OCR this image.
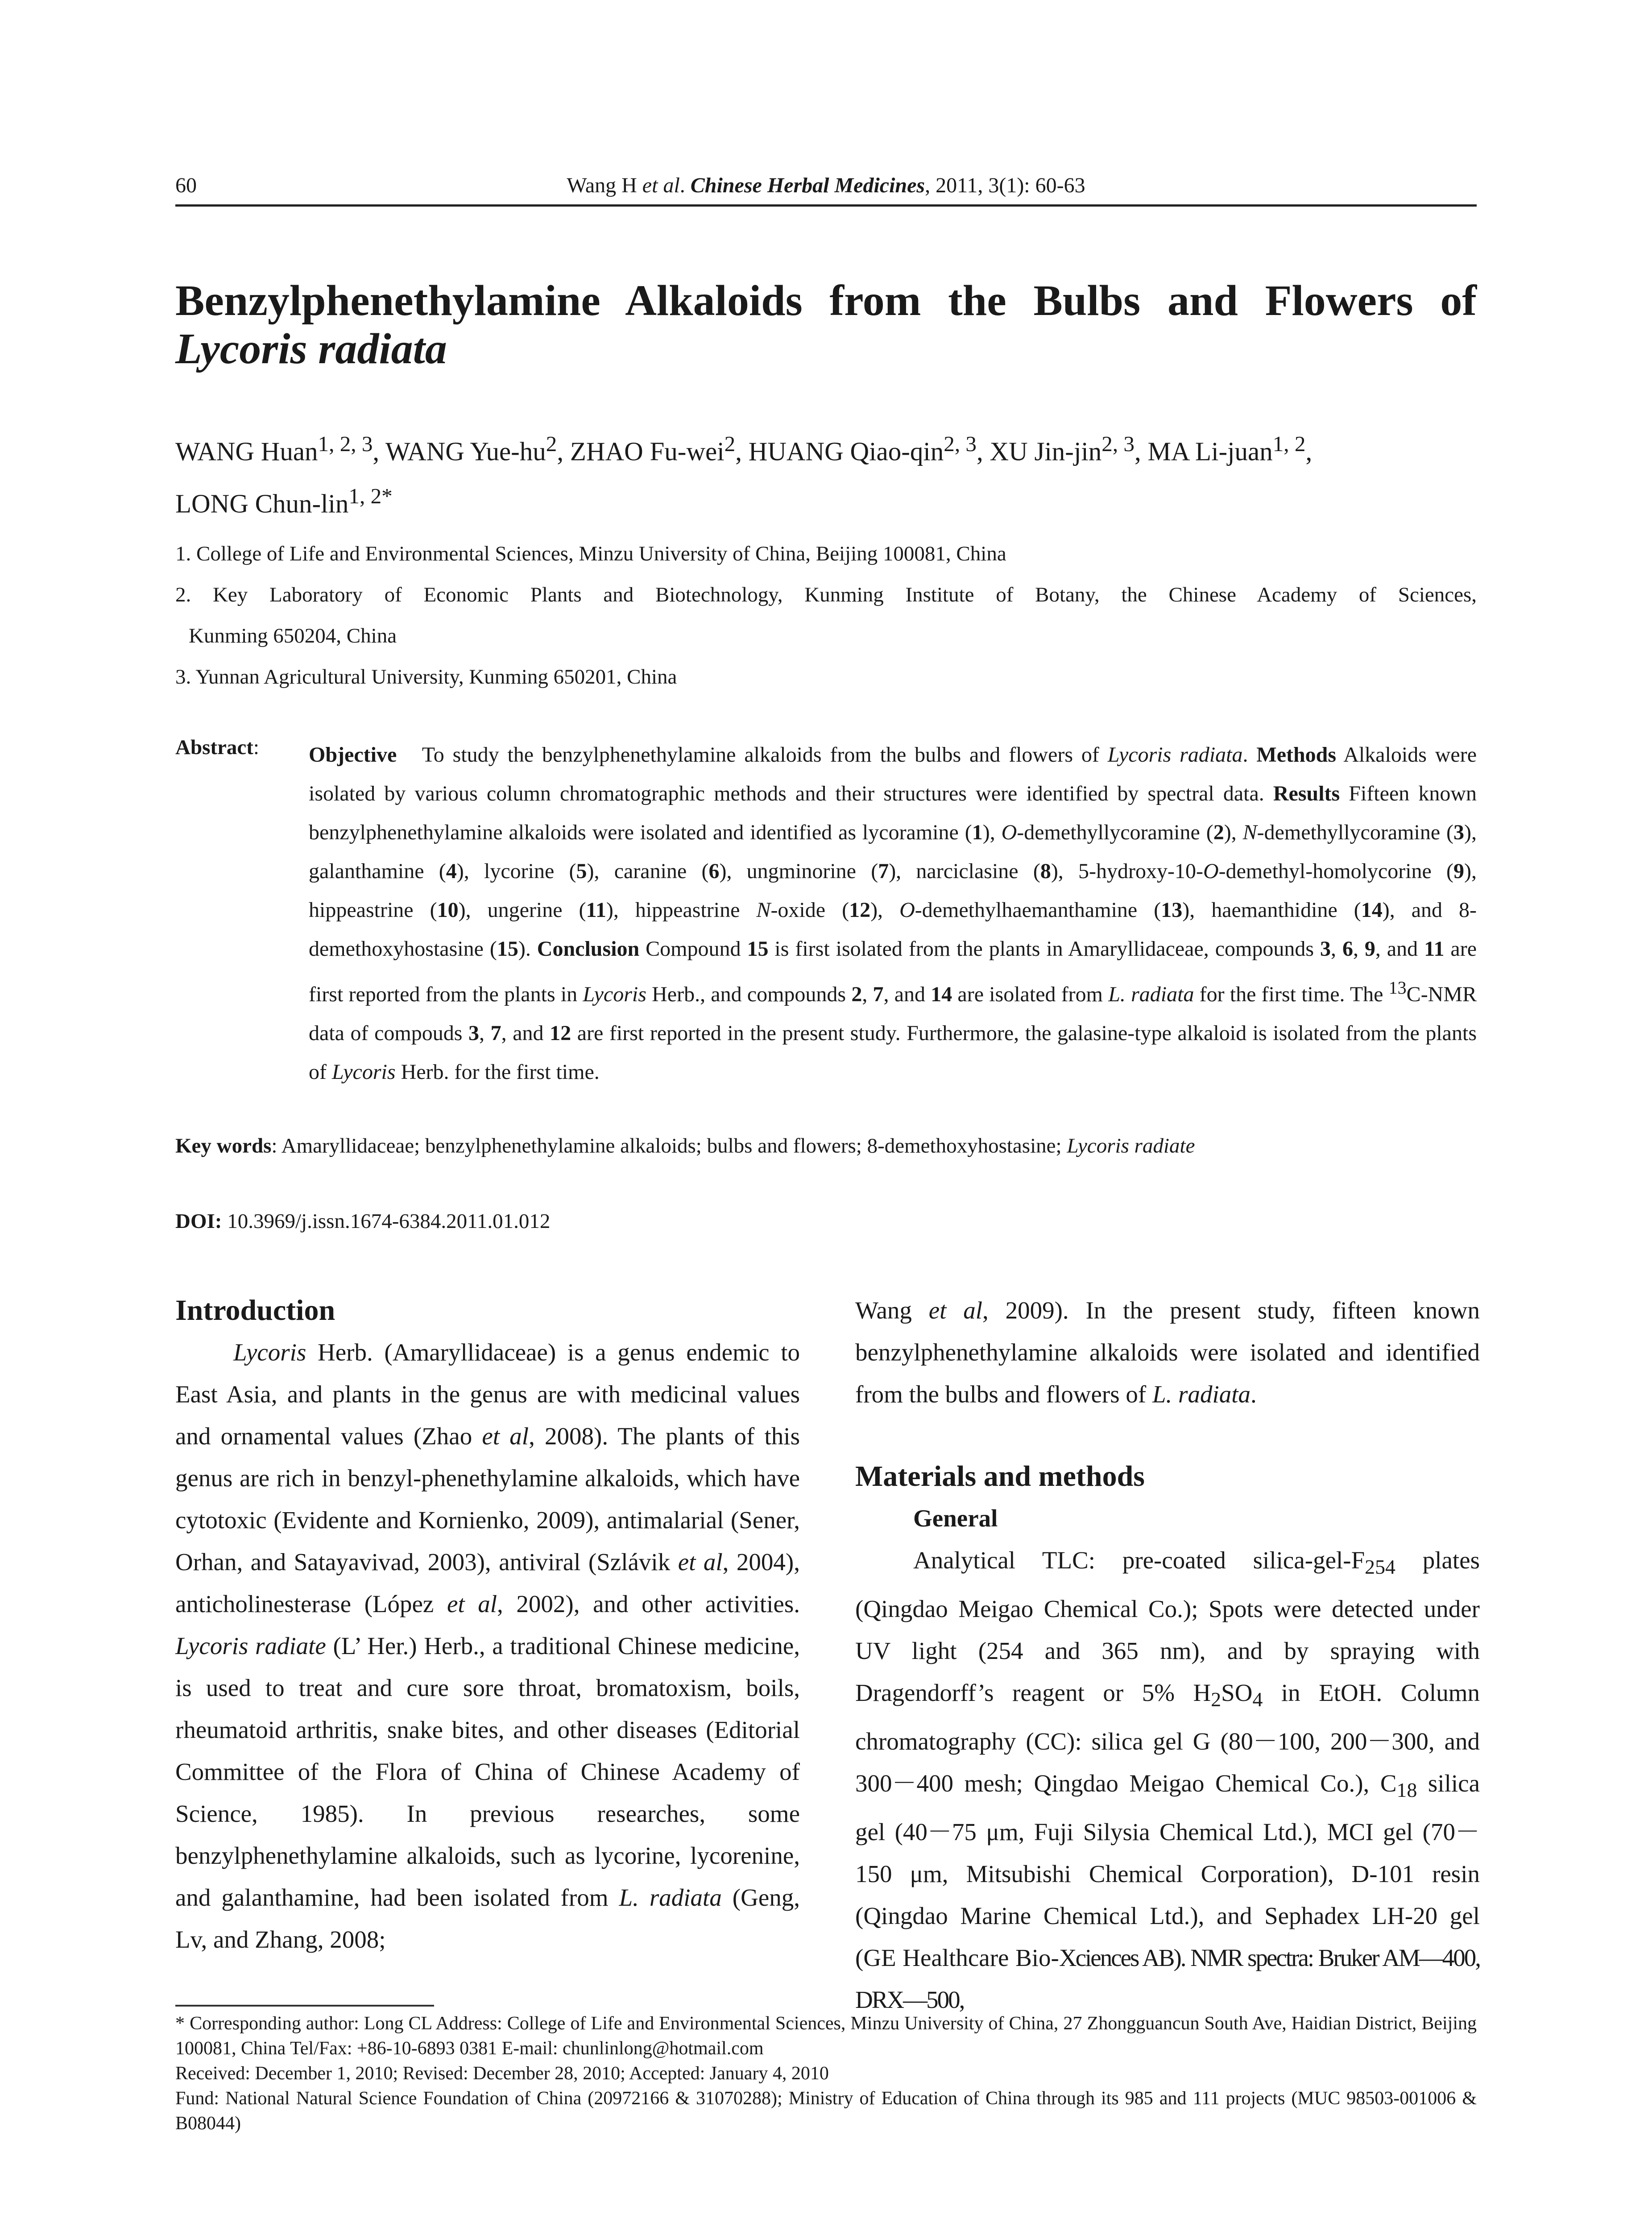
60	Wang H et al. Chinese Herbal Medicines, 2011, 3(1): 60-63
Benzylphenethylamine Alkaloids from the Bulbs and Flowers of Lycoris radiata
WANG Huan$^{1, 2, 3}$, WANG Yue-$hu^2$, ZHAO Fu-wei$^2$, HUANG Qiao-qin$^{2, 3}$, XU Jin-jin$^{2, 3}$, MA Li-juan$^{1, 2}$,
LONG Chun-lin$^{1, 2*}$
1. College of Life and Environmental Sciences, Minzu University of China, Beijing 100081, China
2. Key Laboratory of Economic Plants and Biotechnology, Kunming Institute of Botany, the Chinese Academy of Sciences,
Kunming 650204, China
3. Yunnan Agricultural University, Kunming 650201, China
Abstract: Objective To study the benzylphenethylamine alkaloids from the bulbs and flowers of Lycoris radiata. Methods Alkaloids were isolated by various column chromatographic methods and their structures were identified by spectral data. Results Fifteen known benzylphenethylamine alkaloids were isolated and identified as lycoramine (1), O-demethyllycoramine (2), N-demethyllycoramine (3), galanthamine (4), lycorine (5), caranine (6), ungminorine (7), narciclasine (8), 5-hydroxy-10-O-demethyl-homolycorine (9), hippeastrine (10), ungerine (11), hippeastrine N-oxide (12), O-demethylhaemanthamine (13), haemanthidine (14), and 8-demethoxyhostasine (15). Conclusion Compound 15 is first isolated from the plants in Amaryllidaceae, compounds 3, 6, 9, and 11 are first reported from the plants in Lycoris Herb., and compounds 2, 7, and 14 are isolated from L. radiata for the first time. The $^{13}$C-NMR data of compouds 3, 7, and 12 are first reported in the present study. Furthermore, the galasine-type alkaloid is isolated from the plants of Lycoris Herb. for the first time.
Key words: Amaryllidaceae; benzylphenethylamine alkaloids; bulbs and flowers; 8-demethoxyhostasine; Lycoris radiate
DOI: 10.3969/j.issn.1674-6384.2011.01.012
Introduction
Lycoris Herb. (Amaryllidaceae) is a genus endemic to East Asia, and plants in the genus are with medicinal values and ornamental values (Zhao et al, 2008). The plants of this genus are rich in benzyl-phenethylamine alkaloids, which have cytotoxic (Evidente and Kornienko, 2009), antimalarial (Sener, Orhan, and Satayavivad, 2003), antiviral (Szlávik et al, 2004), anticholinesterase (López et al, 2002), and other activities. Lycoris radiate (L’ Her.) Herb., a traditional Chinese medicine, is used to treat and cure sore throat, bromatoxism, boils, rheumatoid arthritis, snake bites, and other diseases (Editorial Committee of the Flora of China of Chinese Academy of Science, 1985). In previous researches, some benzylphenethylamine alkaloids, such as lycorine, lycorenine, and galanthamine, had been isolated from L. radiata (Geng, Lv, and Zhang, 2008;
Wang et al, 2009). In the present study, fifteen known benzylphenethylamine alkaloids were isolated and identified from the bulbs and flowers of L. radiata.
Materials and methods
General
Analytical TLC: pre-coated silica-$gel-F_{254}$ plates (Qingdao Meigao Chemical Co.); Spots were detected under UV light (254 and 365 nm), and by spraying with Dragendorff’s reagent or 5% $H_2SO_4$ in EtOH. Column chromatography (CC): silica gel G (80－100, 200－300, and 300－400 mesh; Qingdao Meigao Chemical Co.), $C_{18}$ silica gel (40－75 μm, Fuji Silysia Chemical Ltd.), MCI gel (70－150 μm, Mitsubishi Chemical Corporation), D-101 resin (Qingdao Marine Chemical Ltd.), and Sephadex LH-20 gel (GE Healthcare Bio-Xciences AB). NMR spectra: Bruker AM—400, DRX—500,
* Corresponding author: Long CL Address: College of Life and Environmental Sciences, Minzu University of China, 27 Zhongguancun South Ave, Haidian District, Beijing 100081, China Tel/Fax: +86-10-6893 0381 E-mail: chunlinlong@hotmail.com
Received: December 1, 2010; Revised: December 28, 2010; Accepted: January 4, 2010
Fund: National Natural Science Foundation of China (20972166 & 31070288); Ministry of Education of China through its 985 and 111 projects (MUC 98503-001006 & B08044)
